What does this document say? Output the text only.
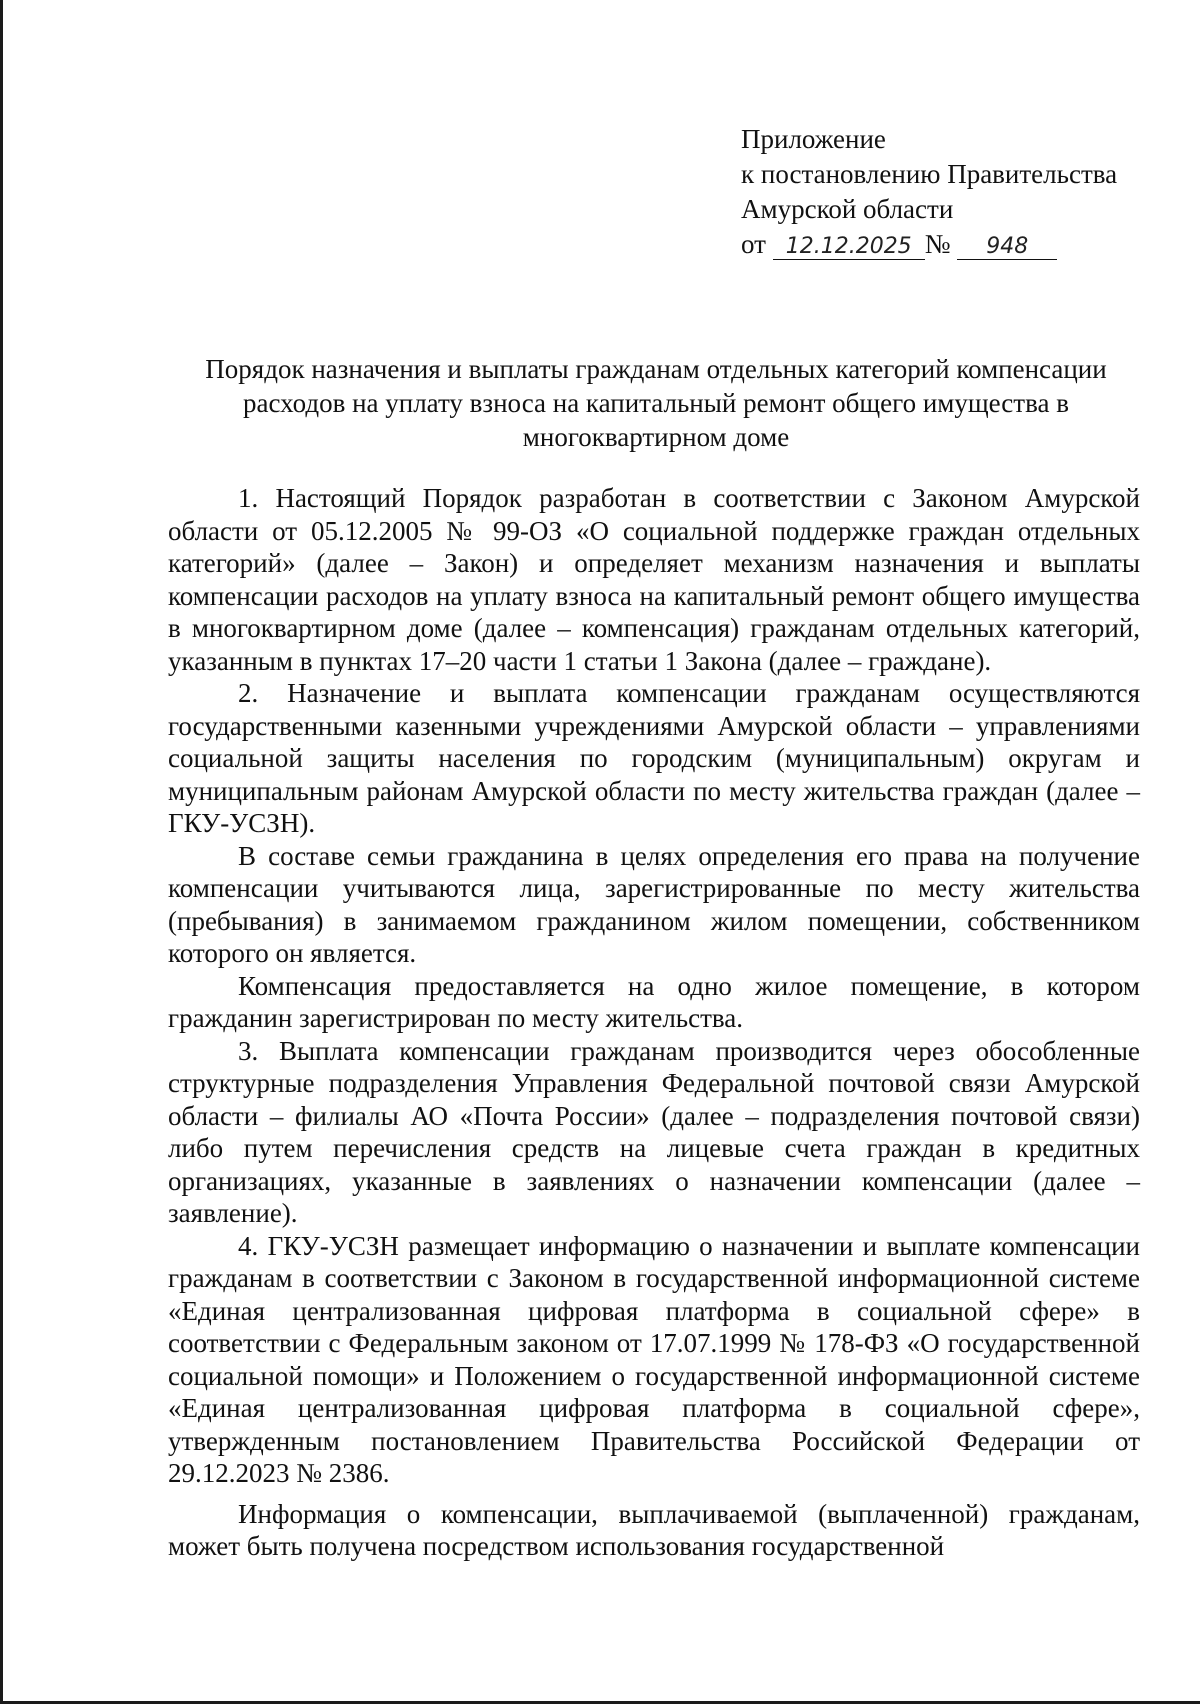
Приложение
к постановлению Правительства
Амурской области
от 12.12.2025 № 948
Порядок назначения и выплаты гражданам отдельных категорий компенсации расходов на уплату взноса на капитальный ремонт общего имущества в многоквартирном доме

1. Настоящий Порядок разработан в соответствии с Законом Амурской области от 05.12.2005 № 99-ОЗ «О социальной поддержке граждан отдельных категорий» (далее – Закон) и определяет механизм назначения и выплаты компенсации расходов на уплату взноса на капитальный ремонт общего имущества в многоквартирном доме (далее – компенсация) гражданам отдельных категорий, указанным в пунктах 17–20 части 1 статьи 1 Закона (далее – граждане).

2. Назначение и выплата компенсации гражданам осуществляются государственными казенными учреждениями Амурской области – управлениями социальной защиты населения по городским (муниципальным) округам и муниципальным районам Амурской области по месту жительства граждан (далее – ГКУ-УСЗН).

В составе семьи гражданина в целях определения его права на получение компенсации учитываются лица, зарегистрированные по месту жительства (пребывания) в занимаемом гражданином жилом помещении, собственником которого он является.

Компенсация предоставляется на одно жилое помещение, в котором гражданин зарегистрирован по месту жительства.

3. Выплата компенсации гражданам производится через обособленные структурные подразделения Управления Федеральной почтовой связи Амурской области – филиалы АО «Почта России» (далее – подразделения почтовой связи) либо путем перечисления средств на лицевые счета граждан в кредитных организациях, указанные в заявлениях о назначении компенсации (далее – заявление).

4. ГКУ-УСЗН размещает информацию о назначении и выплате компенсации гражданам в соответствии с Законом в государственной информационной системе «Единая централизованная цифровая платформа в социальной сфере» в соответствии с Федеральным законом от 17.07.1999 № 178-ФЗ «О государственной социальной помощи» и Положением о государственной информационной системе «Единая централизованная цифровая платформа в социальной сфере», утвержденным постановлением Правительства Российской Федерации от 29.12.2023 № 2386.

Информация о компенсации, выплачиваемой (выплаченной) гражданам, может быть получена посредством использования государственной
